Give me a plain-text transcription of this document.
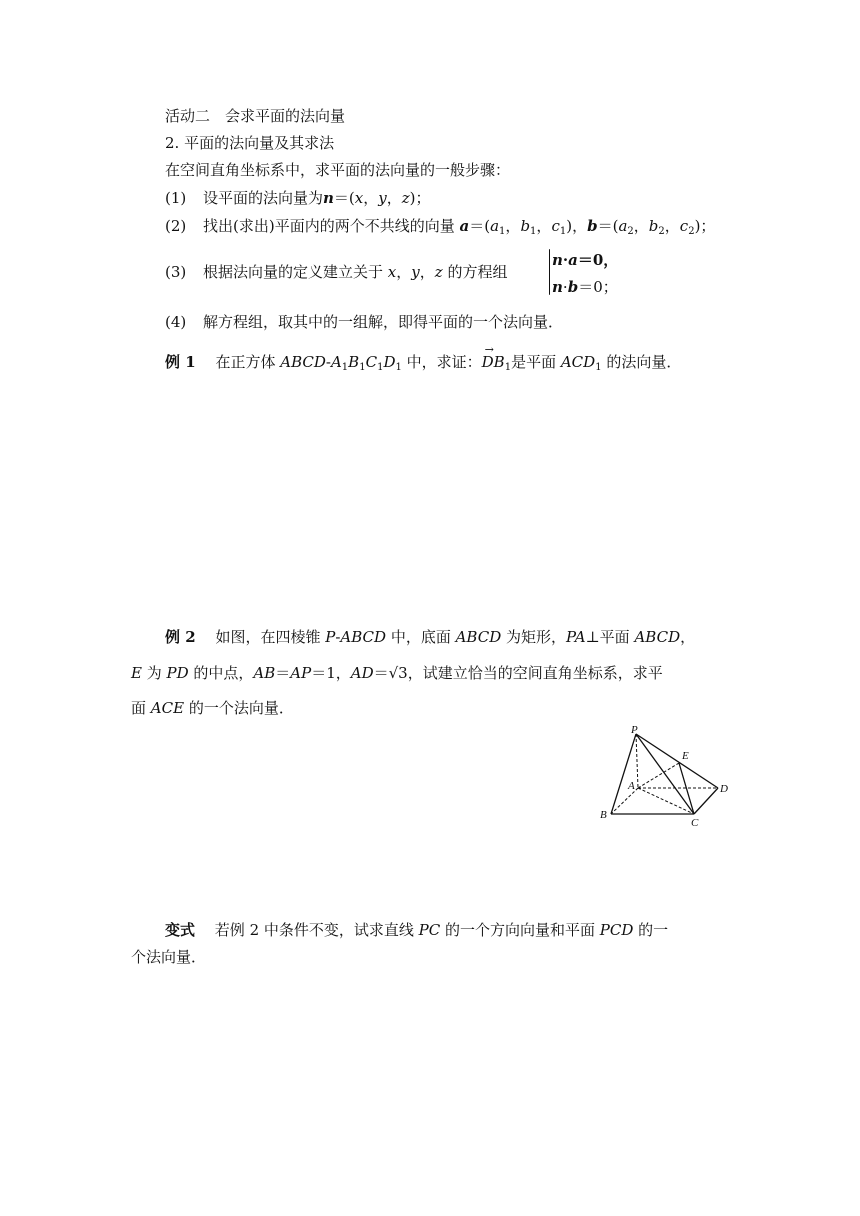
活动二　会求平面的法向量
2. 平面的法向量及其求法
在空间直角坐标系中，求平面的法向量的一般步骤：
(1) 设平面的法向量为n＝(x，y，z)；
(2) 找出(求出)平面内的两个不共线的向量 $a=(a_1$，$b_1$，$c_1$)，$b=(a_2$，$b_2$，$c_2$)；
(3) 根据法向量的定义建立关于 x，y，z 的方程组
n·a＝0，
n·b＝0；
(4) 解方程组，取其中的一组解，即得平面的一个法向量．
例 1 　在正方体 ABCD-$A_1B_1C_1D_1$ 中，求证：→ $DB_1$是平面 $ACD_1$ 的法向量．
例 2 　如图，在四棱锥 P-ABCD 中，底面 ABCD 为矩形，PA⊥平面 ABCD，
E 为 PD 的中点，AB＝AP＝1，AD＝√3，试建立恰当的空间直角坐标系，求平
面 ACE 的一个法向量．
P
E
A	D
B
C
变式 　若例 2 中条件不变，试求直线 PC 的一个方向向量和平面 PCD 的一
个法向量．
